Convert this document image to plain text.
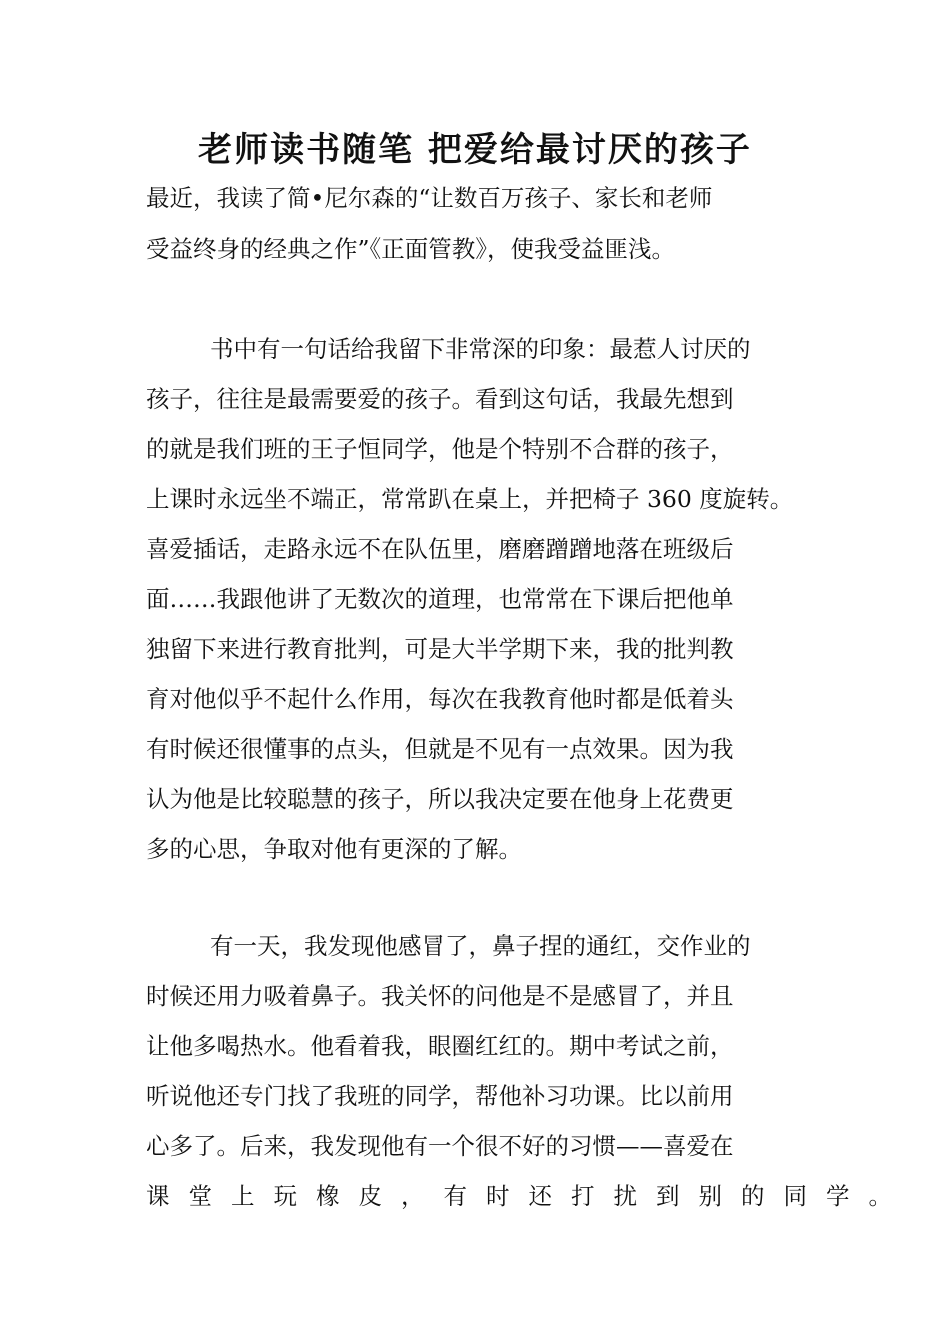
老师读书随笔 把爱给最讨厌的孩子

最近，我读了简•尼尔森的“让数百万孩子、家长和老师

受益终身的经典之作”《正面管教》，使我受益匪浅。

书中有一句话给我留下非常深的印象：最惹人讨厌的

孩子，往往是最需要爱的孩子。看到这句话，我最先想到

的就是我们班的王子恒同学，他是个特别不合群的孩子，

上课时永远坐不端正，常常趴在桌上，并把椅子 360 度旋转。

喜爱插话，走路永远不在队伍里，磨磨蹭蹭地落在班级后

面……我跟他讲了无数次的道理，也常常在下课后把他单

独留下来进行教育批判，可是大半学期下来，我的批判教

育对他似乎不起什么作用，每次在我教育他时都是低着头

有时候还很懂事的点头，但就是不见有一点效果。因为我

认为他是比较聪慧的孩子，所以我决定要在他身上花费更

多的心思，争取对他有更深的了解。

有一天，我发现他感冒了，鼻子捏的通红，交作业的

时候还用力吸着鼻子。我关怀的问他是不是感冒了，并且

让他多喝热水。他看着我，眼圈红红的。期中考试之前，

听说他还专门找了我班的同学，帮他补习功课。比以前用

心多了。后来，我发现他有一个很不好的习惯——喜爱在

课堂上玩橡皮，有时还打扰到别的同学。
